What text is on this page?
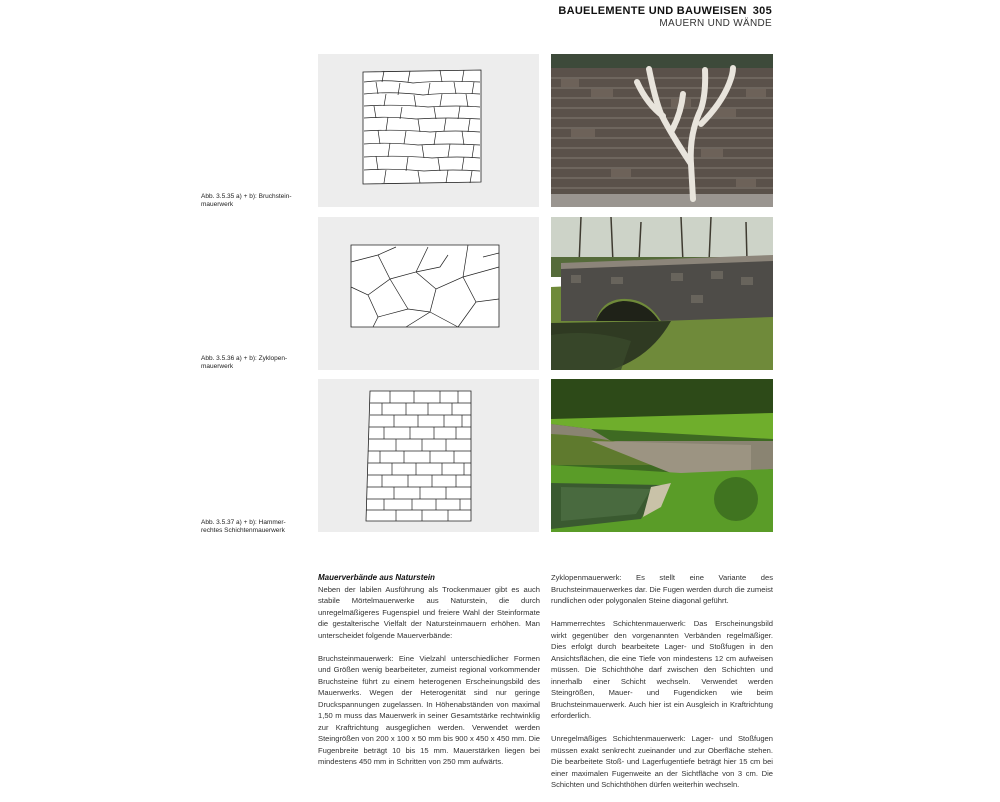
BAUELEMENTE UND BAUWEISEN 305
MAUERN UND WÄNDE
Abb. 3.5.35 a) + b): Bruchstein-mauerwerk
Abb. 3.5.36 a) + b): Zyklopen-mauerwerk
Abb. 3.5.37 a) + b): Hammer-rechtes Schichtenmauerwerk

Mauerverbände aus Naturstein

Neben der labilen Ausführung als Trockenmauer gibt es auch stabile Mörtelmauerwerke aus Naturstein, die durch unregelmäßigeres Fugenspiel und freiere Wahl der Steinformate die gestalterische Vielfalt der Natursteinmauern erhöhen. Man unterscheidet folgende Mauerverbände:

Bruchsteinmauerwerk: Eine Vielzahl unterschiedlicher Formen und Größen wenig bearbeiteter, zumeist regional vorkommender Bruchsteine führt zu einem heterogenen Erscheinungsbild des Mauerwerks. Wegen der Heterogenität sind nur geringe Druckspannungen zugelassen. In Höhenabständen von maximal 1,50 m muss das Mauerwerk in seiner Gesamtstärke rechtwinklig zur Kraftrichtung ausgeglichen werden. Verwendet werden Steingrößen von 200 x 100 x 50 mm bis 900 x 450 x 450 mm. Die Fugenbreite beträgt 10 bis 15 mm. Mauerstärken liegen bei mindestens 450 mm in Schritten von 250 mm aufwärts.

Zyklopenmauerwerk: Es stellt eine Variante des Bruchsteinmauerwerkes dar. Die Fugen werden durch die zumeist rundlichen oder polygonalen Steine diagonal geführt.

Hammerrechtes Schichtenmauerwerk: Das Erscheinungsbild wirkt gegenüber den vorgenannten Verbänden regelmäßiger. Dies erfolgt durch bearbeitete Lager- und Stoßfugen in den Ansichtsflächen, die eine Tiefe von mindestens 12 cm aufweisen müssen. Die Schichthöhe darf zwischen den Schichten und innerhalb einer Schicht wechseln. Verwendet werden Steingrößen, Mauer- und Fugendicken wie beim Bruchsteinmauerwerk. Auch hier ist ein Ausgleich in Kraftrichtung erforderlich.

Unregelmäßiges Schichtenmauerwerk: Lager- und Stoßfugen müssen exakt senkrecht zueinander und zur Oberfläche stehen. Die bearbeitete Stoß- und Lagerfugentiefe beträgt hier 15 cm bei einer maximalen Fugenweite an der Sichtfläche von 3 cm. Die Schichten und Schichthöhen dürfen weiterhin wechseln.
